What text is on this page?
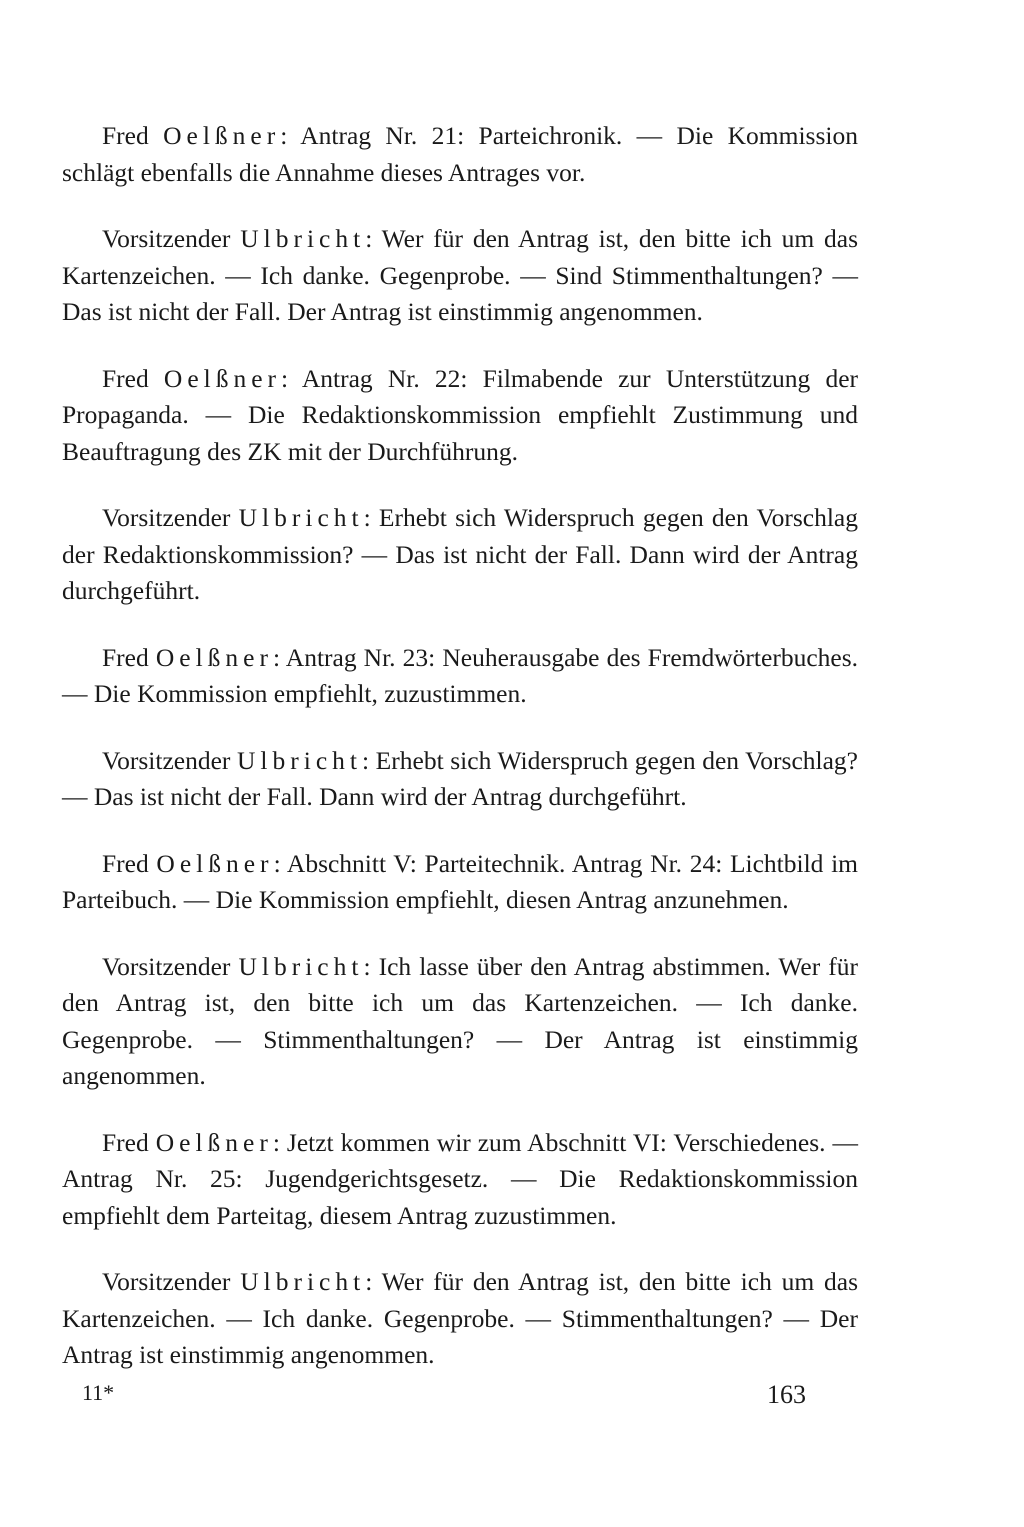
Fred Oelßner: Antrag Nr. 21: Parteichronik. — Die Kommission schlägt ebenfalls die Annahme dieses Antrages vor.

Vorsitzender Ulbricht: Wer für den Antrag ist, den bitte ich um das Kartenzeichen. — Ich danke. Gegenprobe. — Sind Stimmenthaltungen? — Das ist nicht der Fall. Der Antrag ist einstimmig angenommen.

Fred Oelßner: Antrag Nr. 22: Filmabende zur Unterstützung der Propaganda. — Die Redaktionskommission empfiehlt Zustimmung und Beauftragung des ZK mit der Durchführung.

Vorsitzender Ulbricht: Erhebt sich Widerspruch gegen den Vorschlag der Redaktionskommission? — Das ist nicht der Fall. Dann wird der Antrag durchgeführt.

Fred Oelßner: Antrag Nr. 23: Neuherausgabe des Fremdwörterbuches. — Die Kommission empfiehlt, zuzustimmen.

Vorsitzender Ulbricht: Erhebt sich Widerspruch gegen den Vorschlag? — Das ist nicht der Fall. Dann wird der Antrag durchgeführt.

Fred Oelßner: Abschnitt V: Parteitechnik. Antrag Nr. 24: Lichtbild im Parteibuch. — Die Kommission empfiehlt, diesen Antrag anzunehmen.

Vorsitzender Ulbricht: Ich lasse über den Antrag abstimmen. Wer für den Antrag ist, den bitte ich um das Kartenzeichen. — Ich danke. Gegenprobe. — Stimmenthaltungen? — Der Antrag ist einstimmig angenommen.

Fred Oelßner: Jetzt kommen wir zum Abschnitt VI: Verschiedenes. — Antrag Nr. 25: Jugendgerichtsgesetz. — Die Redaktionskommission empfiehlt dem Parteitag, diesem Antrag zuzustimmen.

Vorsitzender Ulbricht: Wer für den Antrag ist, den bitte ich um das Kartenzeichen. — Ich danke. Gegenprobe. — Stimmenthaltungen? — Der Antrag ist einstimmig angenommen.

11*	163
